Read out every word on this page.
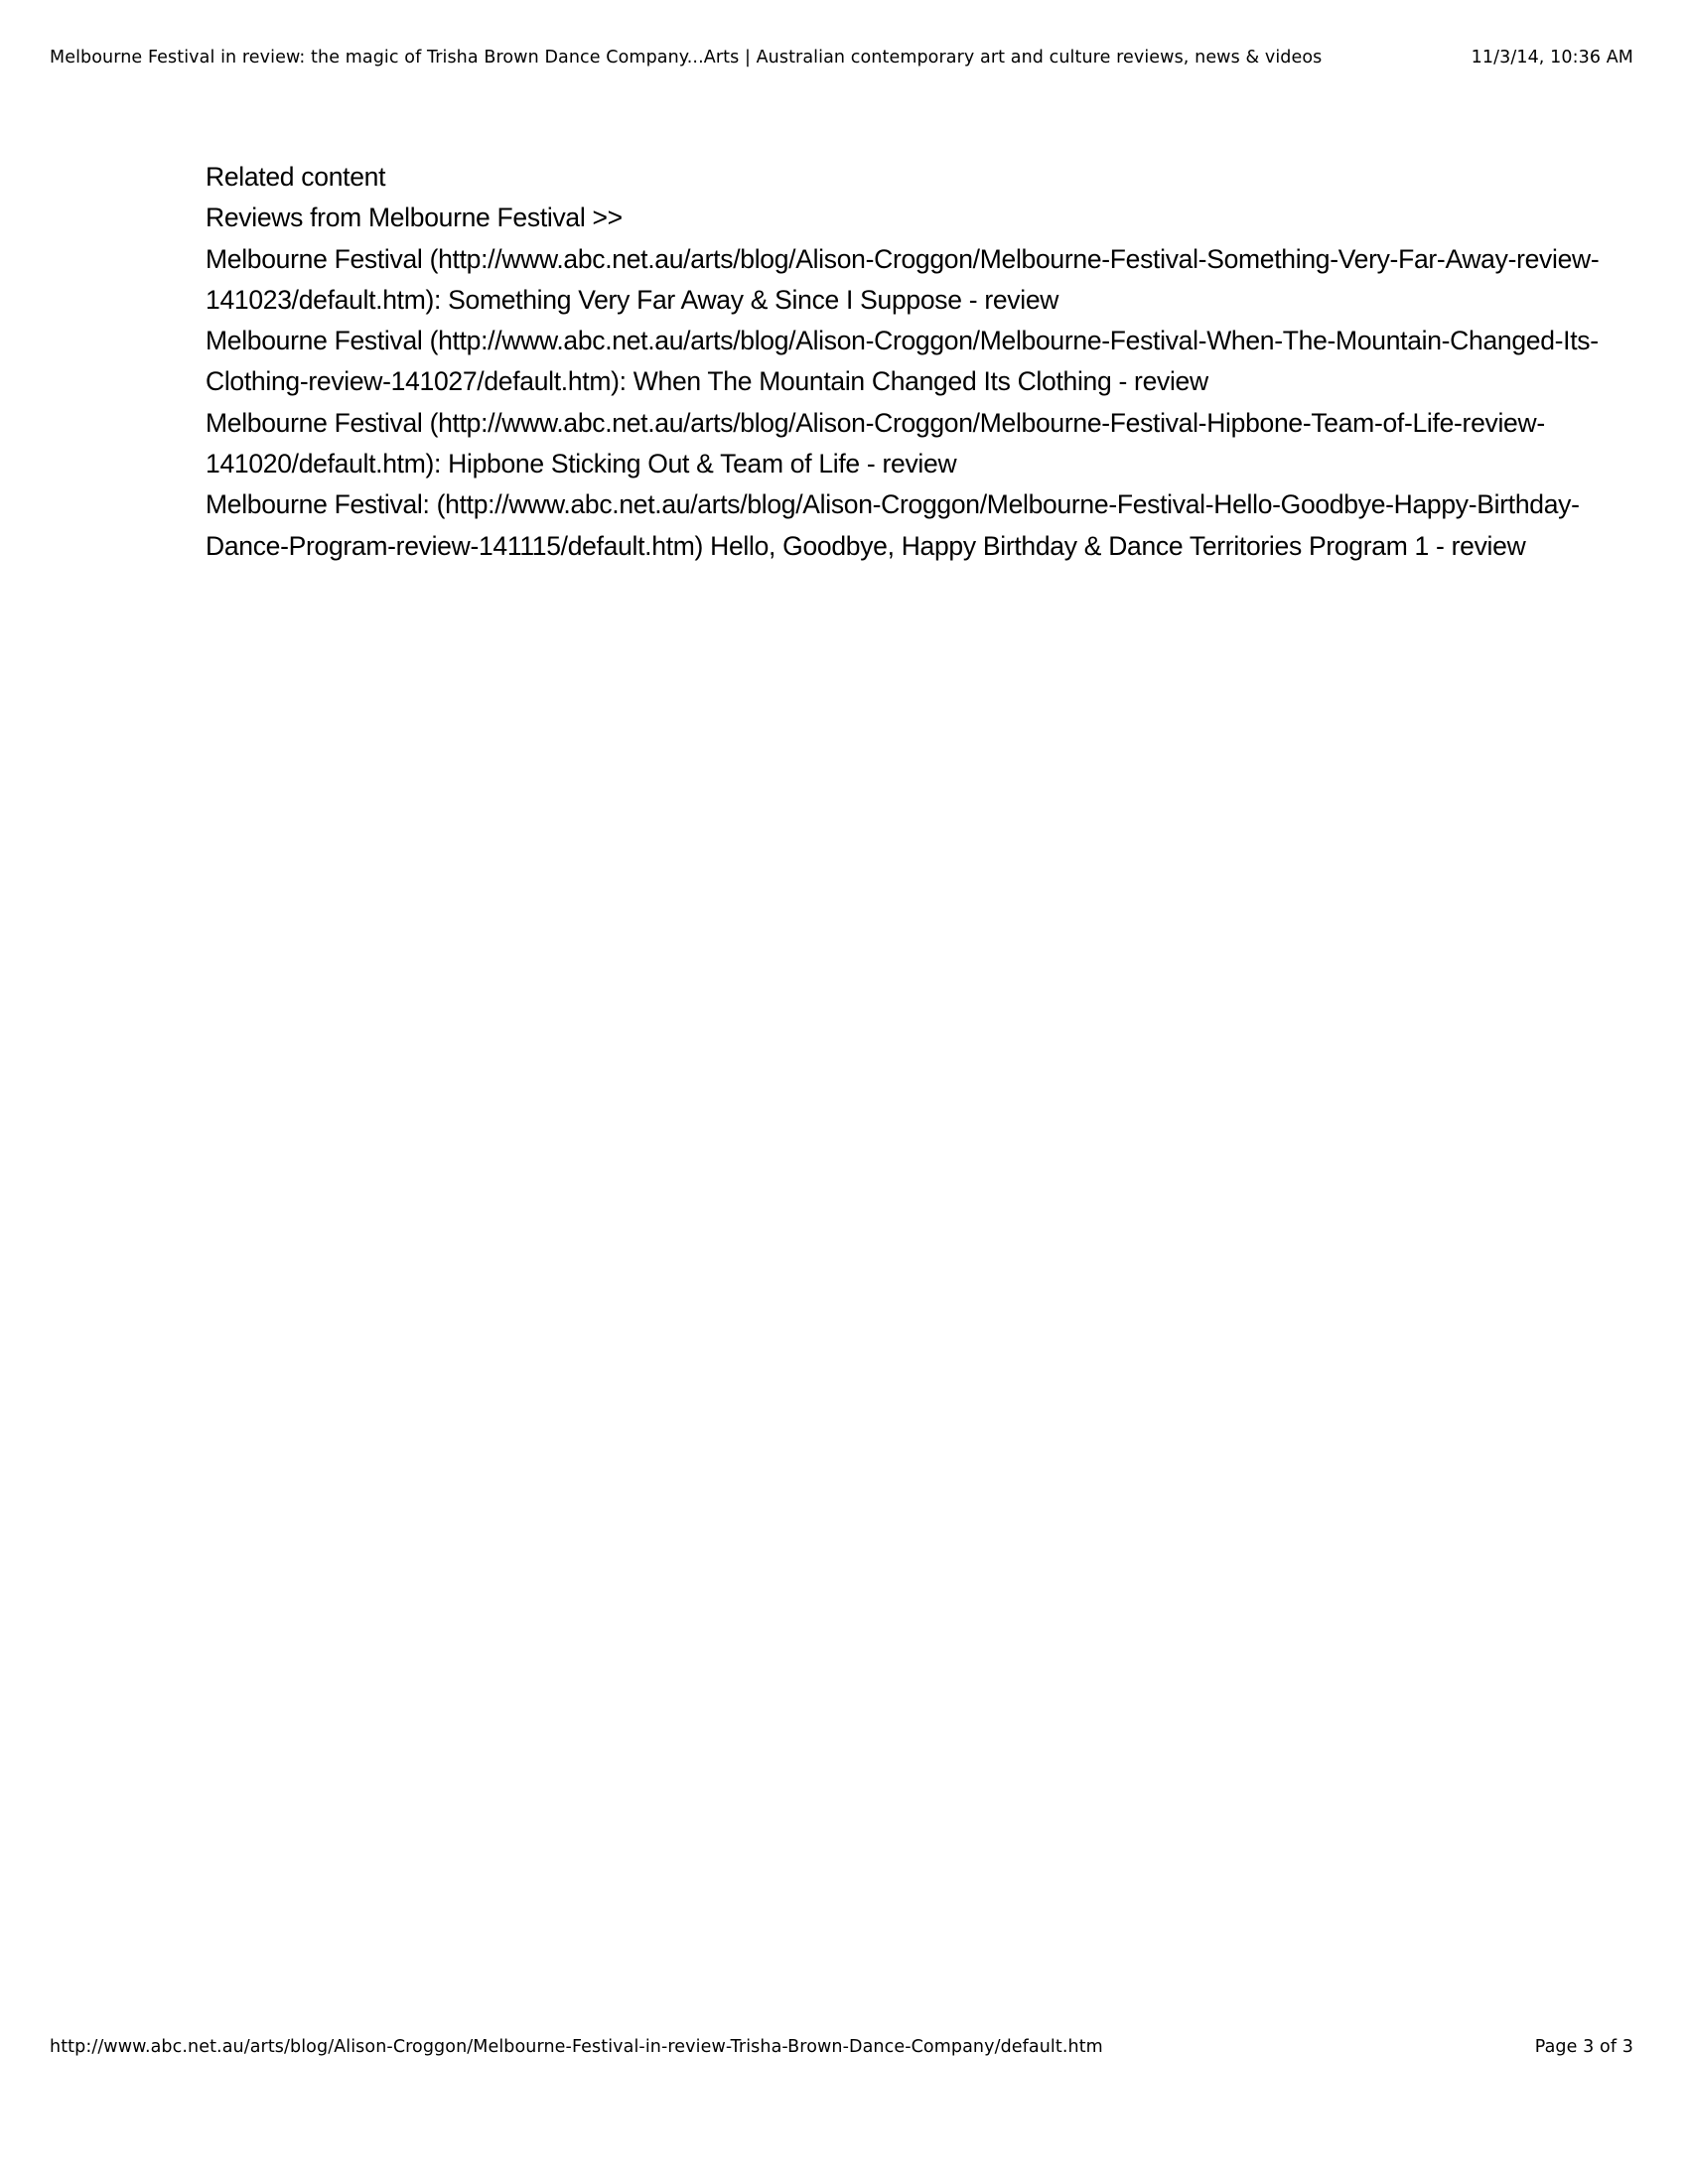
Melbourne Festival in review: the magic of Trisha Brown Dance Company...Arts | Australian contemporary art and culture reviews, news & videos	11/3/14, 10:36 AM

Related content

Reviews from Melbourne Festival >>

Melbourne Festival (http://www.abc.net.au/arts/blog/Alison-Croggon/Melbourne-Festival-Something-Very-Far-Away-review-141023/default.htm): Something Very Far Away & Since I Suppose - review

Melbourne Festival (http://www.abc.net.au/arts/blog/Alison-Croggon/Melbourne-Festival-When-The-Mountain-Changed-Its-Clothing-review-141027/default.htm): When The Mountain Changed Its Clothing - review

Melbourne Festival (http://www.abc.net.au/arts/blog/Alison-Croggon/Melbourne-Festival-Hipbone-Team-of-Life-review-141020/default.htm): Hipbone Sticking Out & Team of Life - review

Melbourne Festival: (http://www.abc.net.au/arts/blog/Alison-Croggon/Melbourne-Festival-Hello-Goodbye-Happy-Birthday-Dance-Program-review-141115/default.htm) Hello, Goodbye, Happy Birthday & Dance Territories Program 1 - review

http://www.abc.net.au/arts/blog/Alison-Croggon/Melbourne-Festival-in-review-Trisha-Brown-Dance-Company/default.htm	Page 3 of 3
